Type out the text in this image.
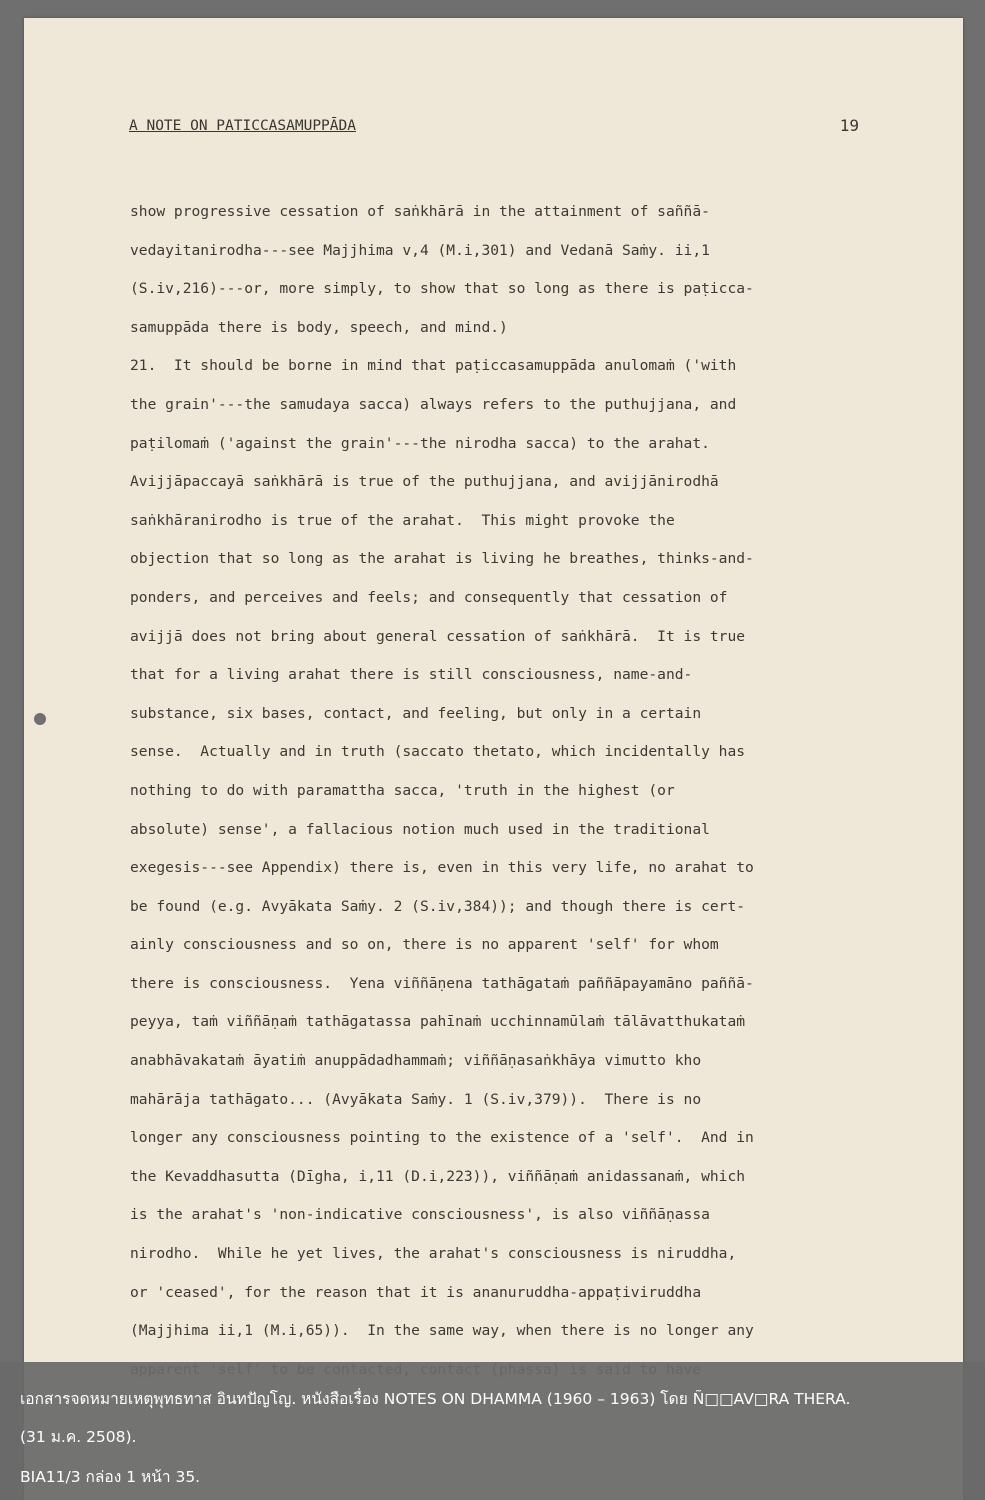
A NOTE ON PATICCASAMUPPĀDA	19
show progressive cessation of saṅkhārā in the attainment of saññā-
vedayitanirodha---see Majjhima v,4 (M.i,301) and Vedanā Saṁy. ii,1
(S.iv,216)---or, more simply, to show that so long as there is paṭicca-
samuppāda there is body, speech, and mind.)
21.  It should be borne in mind that paṭiccasamuppāda anulomaṁ ('with
the grain'---the samudaya sacca) always refers to the puthujjana, and
paṭilomaṁ ('against the grain'---the nirodha sacca) to the arahat.
Avijjāpaccayā saṅkhārā is true of the puthujjana, and avijjānirodhā
saṅkhāranirodho is true of the arahat.  This might provoke the
objection that so long as the arahat is living he breathes, thinks-and-
ponders, and perceives and feels; and consequently that cessation of
avijjā does not bring about general cessation of saṅkhārā.  It is true
that for a living arahat there is still consciousness, name-and-
substance, six bases, contact, and feeling, but only in a certain
sense.  Actually and in truth (saccato thetato, which incidentally has
nothing to do with paramattha sacca, 'truth in the highest (or
absolute) sense', a fallacious notion much used in the traditional
exegesis---see Appendix) there is, even in this very life, no arahat to
be found (e.g. Avyākata Saṁy. 2 (S.iv,384)); and though there is cert-
ainly consciousness and so on, there is no apparent 'self' for whom
there is consciousness.  Yena viññāṇena tathāgataṁ paññāpayamāno paññā-
peyya, taṁ viññāṇaṁ tathāgatassa pahīnaṁ ucchinnamūlaṁ tālāvatthukataṁ
anabhāvakataṁ āyatiṁ anuppādadhammaṁ; viññāṇasaṅkhāya vimutto kho
mahārāja tathāgato... (Avyākata Saṁy. 1 (S.iv,379)).  There is no
longer any consciousness pointing to the existence of a 'self'.  And in
the Kevaddhasutta (Dīgha, i,11 (D.i,223)), viññāṇaṁ anidassanaṁ, which
is the arahat's 'non-indicative consciousness', is also viññāṇassa
nirodho.  While he yet lives, the arahat's consciousness is niruddha,
or 'ceased', for the reason that it is ananuruddha-appaṭiviruddha
(Majjhima ii,1 (M.i,65)).  In the same way, when there is no longer any
เอกสารจดหมายเหตุพุทธทาส อินทปัญโญ. หนังสือเรื่อง NOTES ON DHAMMA (1960 – 1963) โดย Ñ□□AV□RA THERA.
(31 ม.ค. 2508).
BIA11/3 กล่อง 1 หน้า 35.
